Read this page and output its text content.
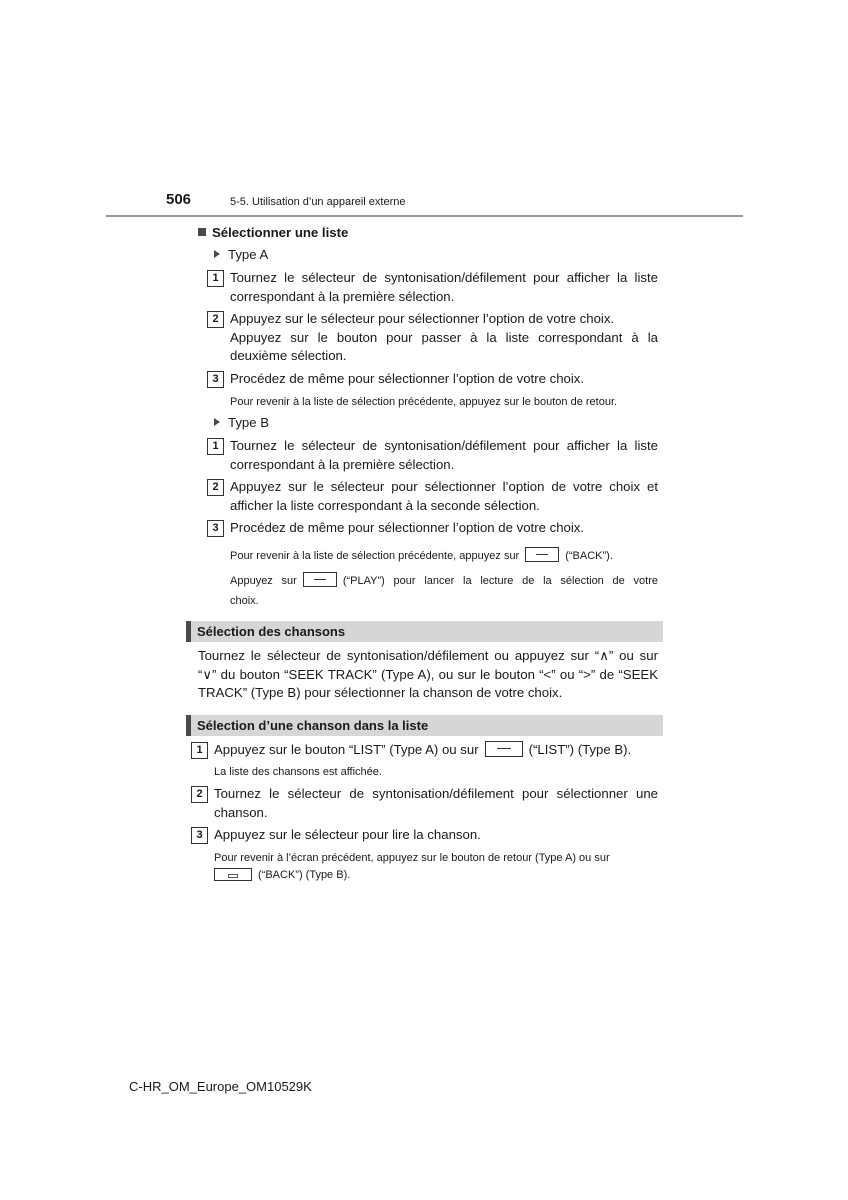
506	5-5. Utilisation d’un appareil externe
Sélectionner une liste
Type A
1 Tournez le sélecteur de syntonisation/défilement pour afficher la liste
correspondant à la première sélection.
2 Appuyez sur le sélecteur pour sélectionner l’option de votre choix.
Appuyez sur le bouton pour passer à la liste correspondant à la
deuxième sélection.
3 Procédez de même pour sélectionner l’option de votre choix.
Pour revenir à la liste de sélection précédente, appuyez sur le bouton de retour.
Type B
1 Tournez le sélecteur de syntonisation/défilement pour afficher la liste
correspondant à la première sélection.
2 Appuyez sur le sélecteur pour sélectionner l’option de votre choix et
afficher la liste correspondant à la seconde sélection.
3 Procédez de même pour sélectionner l’option de votre choix.
Pour revenir à la liste de sélection précédente, appuyez sur	(“BACK”).
Appuyez sur	(“PLAY”) pour lancer la lecture de la sélection de votre
choix.
Sélection des chansons
Tournez le sélecteur de syntonisation/défilement ou appuyez sur “∧” ou sur
“∨” du bouton “SEEK TRACK” (Type A), ou sur le bouton “<” ou “>” de “SEEK
TRACK” (Type B) pour sélectionner la chanson de votre choix.
Sélection d’une chanson dans la liste
1 Appuyez sur le bouton “LIST” (Type A) ou sur	(“LIST”) (Type B).
La liste des chansons est affichée.
2 Tournez le sélecteur de syntonisation/défilement pour sélectionner une
chanson.
3 Appuyez sur le sélecteur pour lire la chanson.
Pour revenir à l’écran précédent, appuyez sur le bouton de retour (Type A) ou sur
(“BACK”) (Type B).
C-HR_OM_Europe_OM10529K
